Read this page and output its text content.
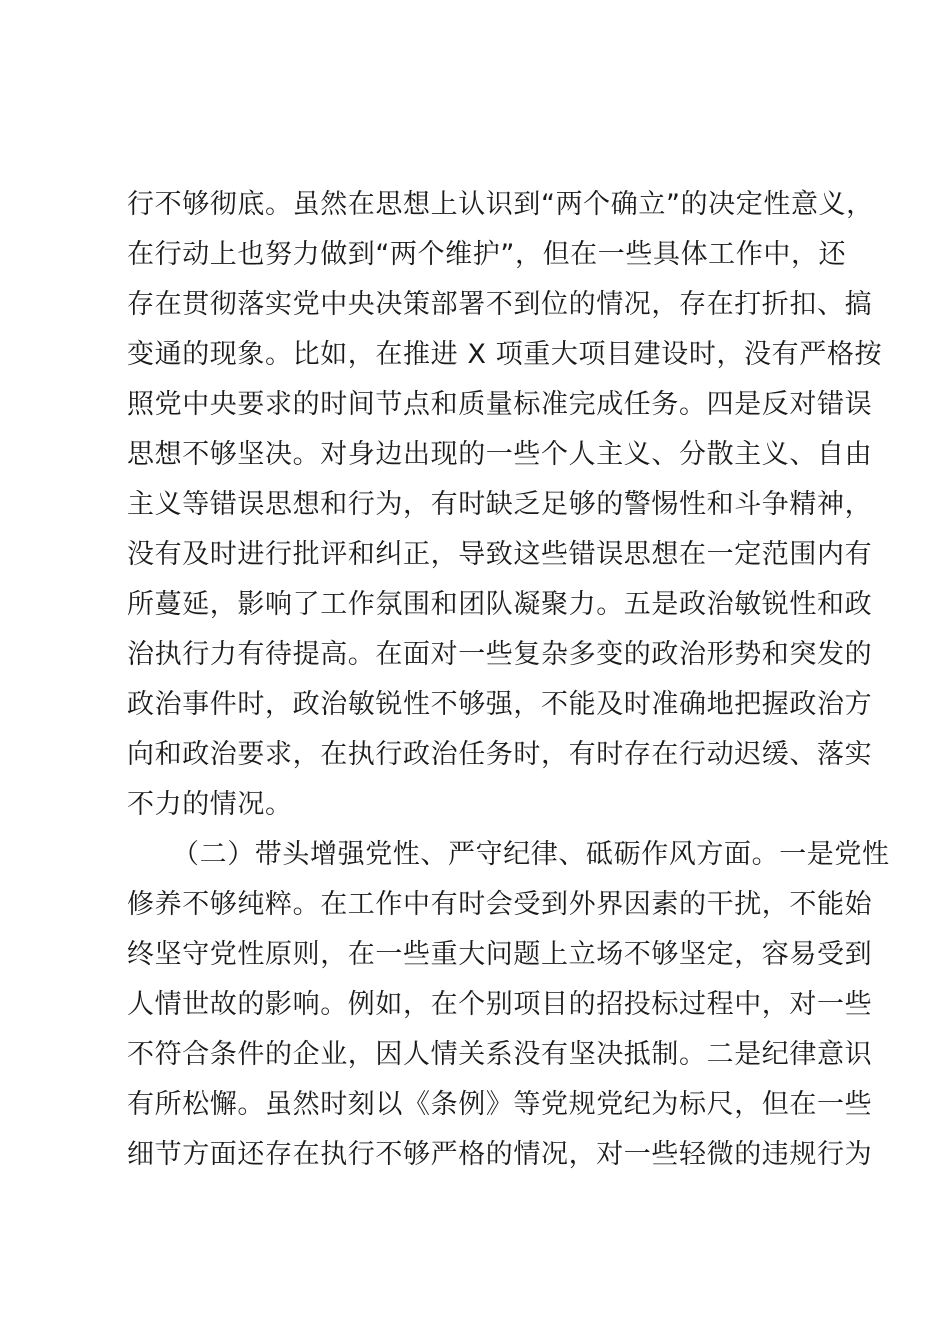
行不够彻底。虽然在思想上认识到“两个确立”的决定性意义，
在行动上也努力做到“两个维护”，但在一些具体工作中，还
存在贯彻落实党中央决策部署不到位的情况，存在打折扣、搞
变通的现象。比如，在推进 X 项重大项目建设时，没有严格按
照党中央要求的时间节点和质量标准完成任务。四是反对错误
思想不够坚决。对身边出现的一些个人主义、分散主义、自由
主义等错误思想和行为，有时缺乏足够的警惕性和斗争精神，
没有及时进行批评和纠正，导致这些错误思想在一定范围内有
所蔓延，影响了工作氛围和团队凝聚力。五是政治敏锐性和政
治执行力有待提高。在面对一些复杂多变的政治形势和突发的
政治事件时，政治敏锐性不够强，不能及时准确地把握政治方
向和政治要求，在执行政治任务时，有时存在行动迟缓、落实
不力的情况。
（二）带头增强党性、严守纪律、砥砺作风方面。一是党性
修养不够纯粹。在工作中有时会受到外界因素的干扰，不能始
终坚守党性原则，在一些重大问题上立场不够坚定，容易受到
人情世故的影响。例如，在个别项目的招投标过程中，对一些
不符合条件的企业，因人情关系没有坚决抵制。二是纪律意识
有所松懈。虽然时刻以《条例》等党规党纪为标尺，但在一些
细节方面还存在执行不够严格的情况，对一些轻微的违规行为
